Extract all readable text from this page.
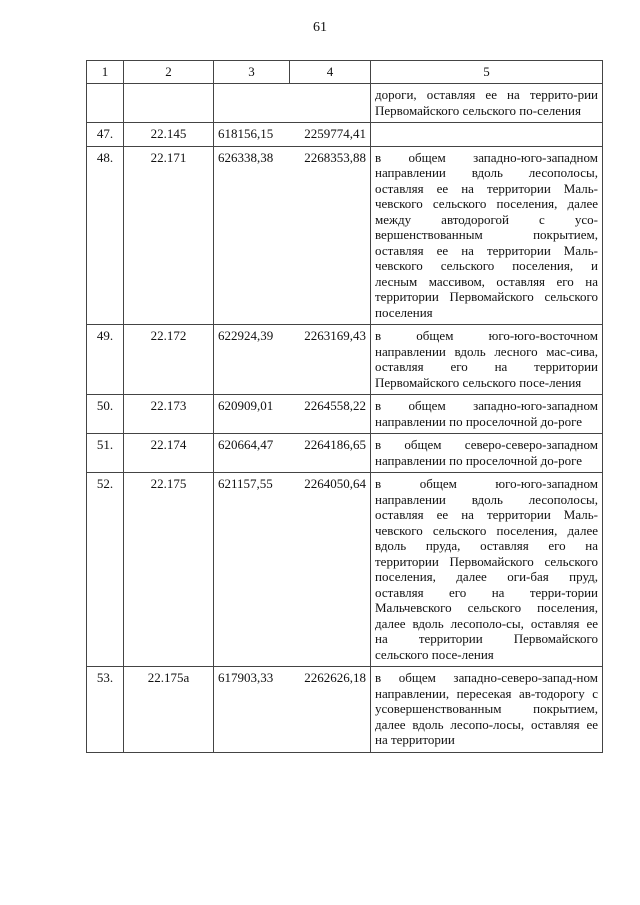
61
1	2	3	4	5
				дороги, оставляя ее на террито-рии Первомайского сельского по-селения
47.	22.145	618156,15	2259774,41	
48.	22.171	626338,38	2268353,88	в общем западно-юго-западном направлении вдоль лесополосы, оставляя ее на территории Маль-чевского сельского поселения, далее между автодорогой с усо-вершенствованным покрытием, оставляя ее на территории Маль-чевского сельского поселения, и лесным массивом, оставляя его на территории Первомайского сельского поселения
49.	22.172	622924,39	2263169,43	в общем юго-юго-восточном направлении вдоль лесного мас-сива, оставляя его на территории Первомайского сельского посе-ления
50.	22.173	620909,01	2264558,22	в общем западно-юго-западном направлении по проселочной до-роге
51.	22.174	620664,47	2264186,65	в общем северо-северо-западном направлении по проселочной до-роге
52.	22.175	621157,55	2264050,64	в общем юго-юго-западном направлении вдоль лесополосы, оставляя ее на территории Маль-чевского сельского поселения, далее вдоль пруда, оставляя его на территории Первомайского сельского поселения, далее оги-бая пруд, оставляя его на терри-тории Мальчевского сельского поселения, далее вдоль лесополо-сы, оставляя ее на территории Первомайского сельского посе-ления
53.	22.175а	617903,33	2262626,18	в общем западно-северо-запад-ном направлении, пересекая ав-тодорогу с усовершенствованным покрытием, далее вдоль лесопо-лосы, оставляя ее на территории
